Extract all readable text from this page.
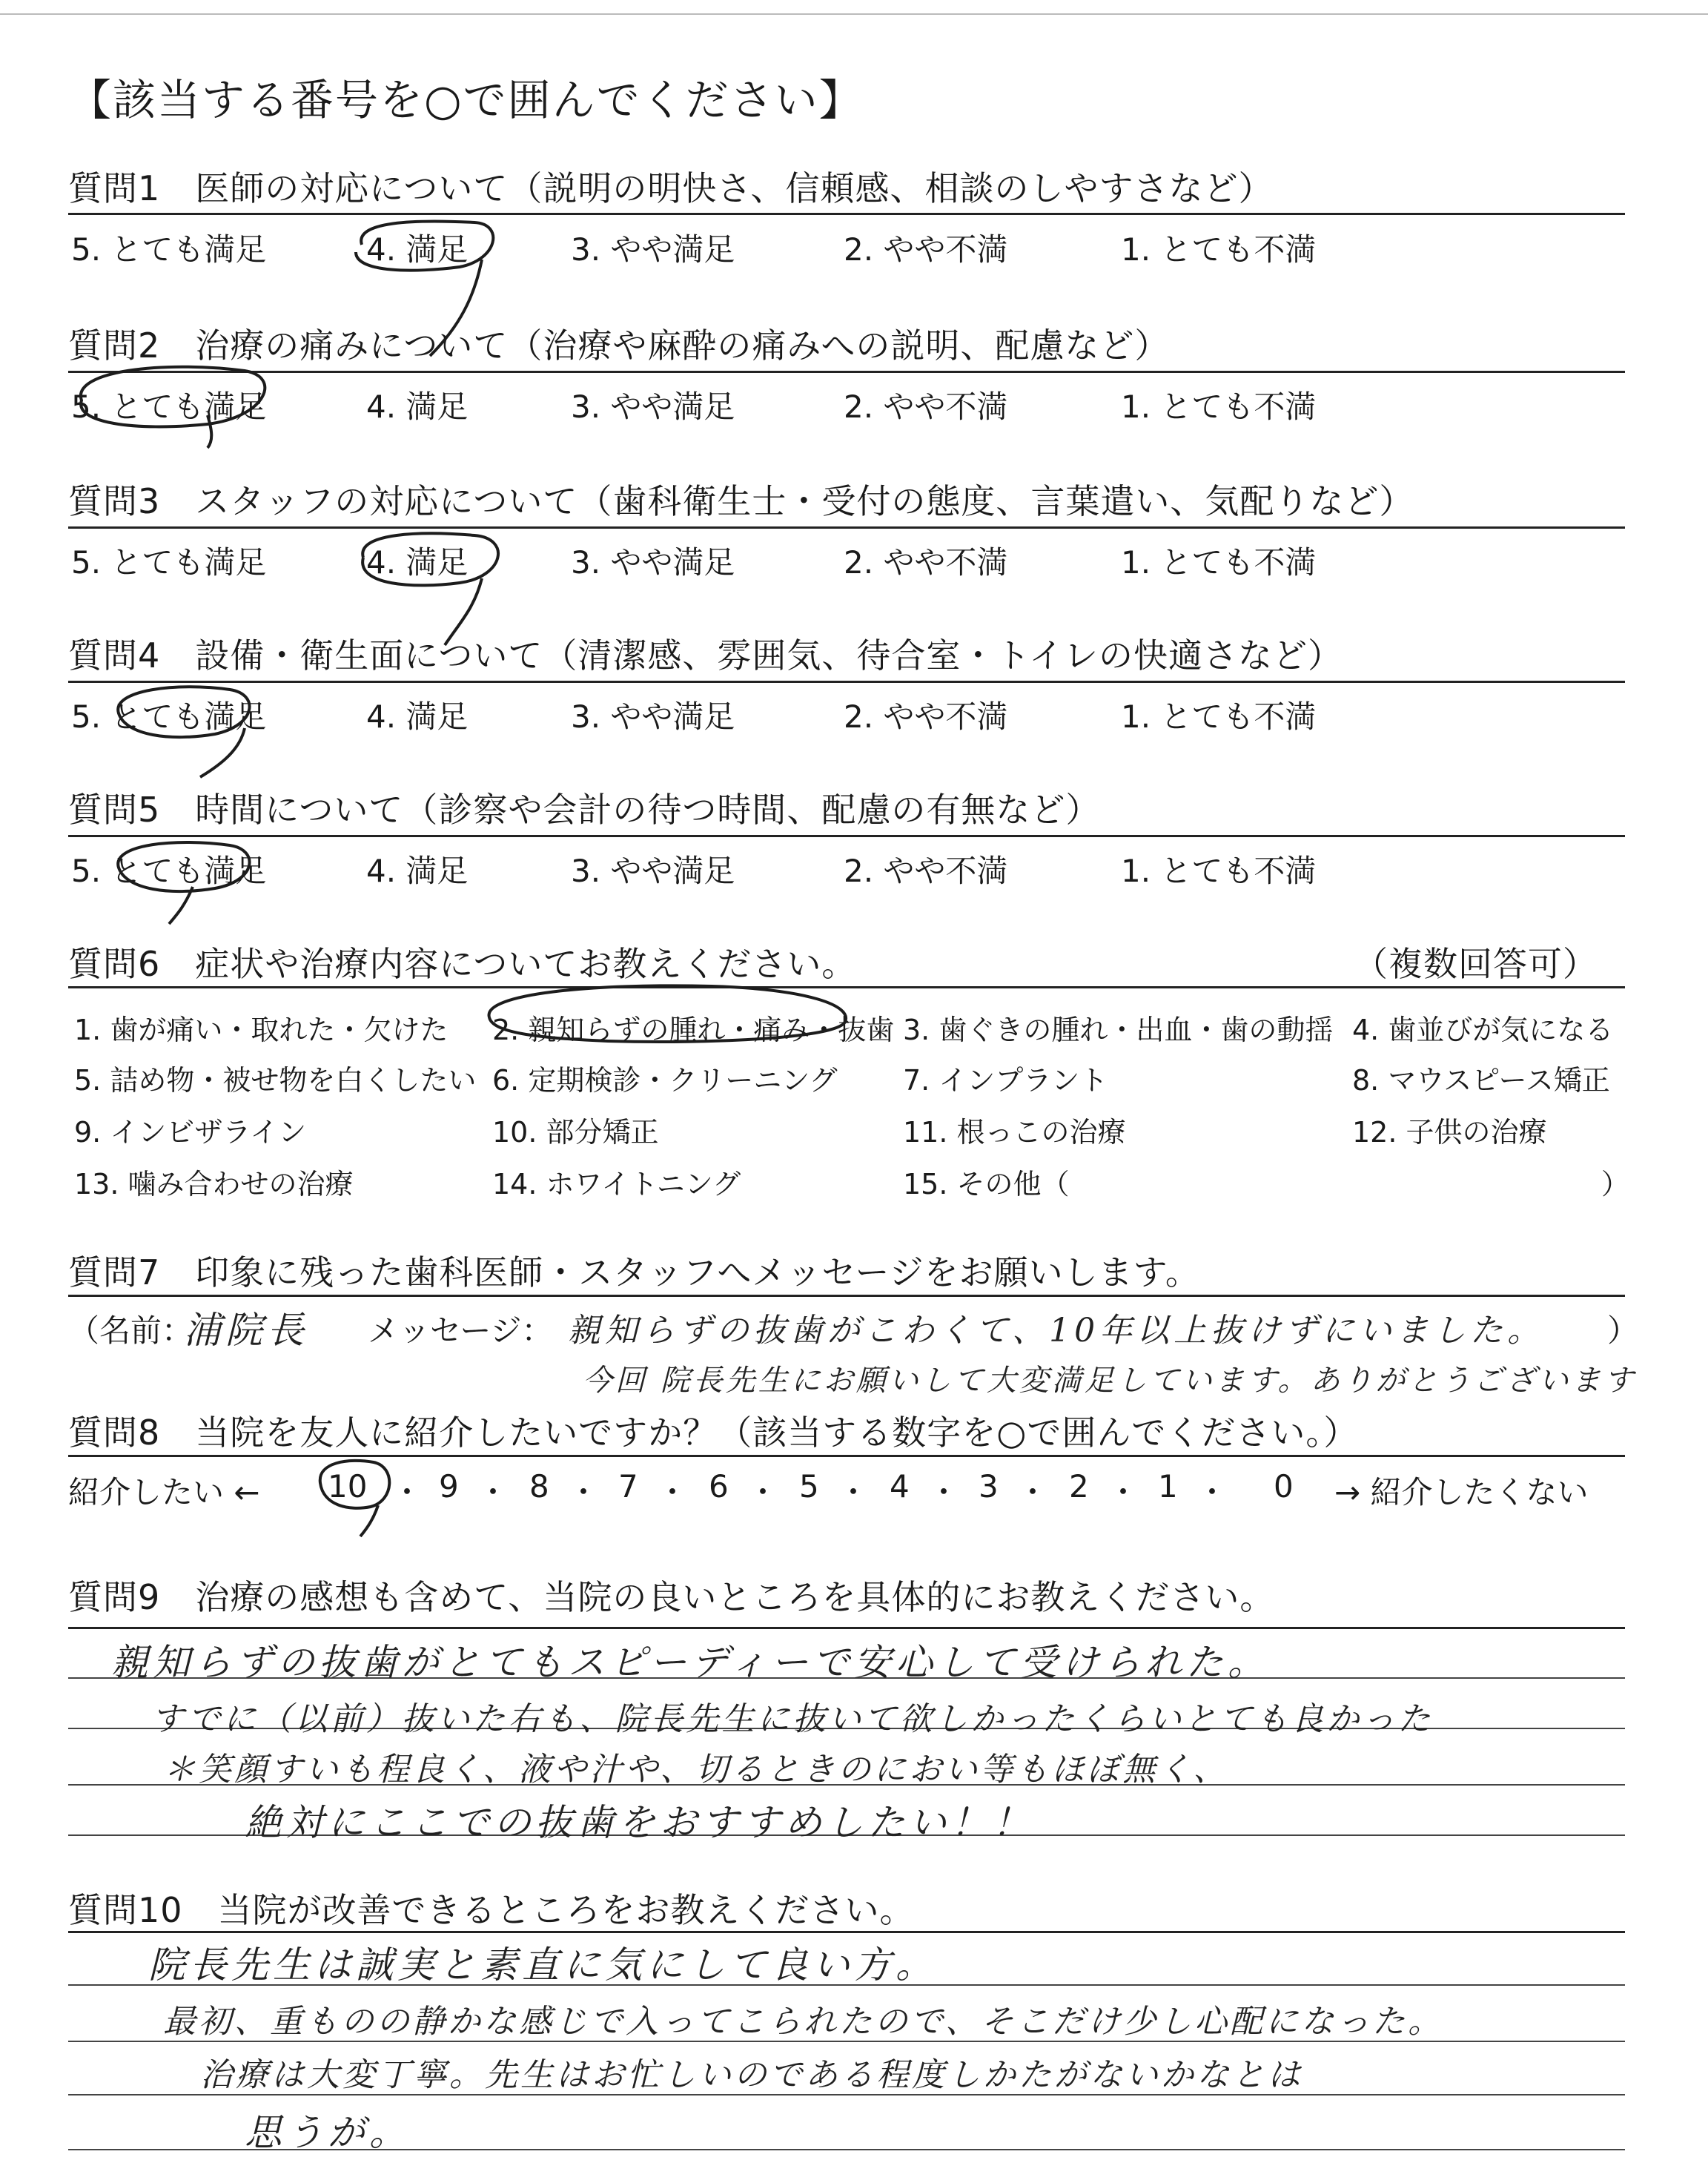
【該当する番号を○で囲んでください】
質問1　医師の対応について（説明の明快さ、信頼感、相談のしやすさなど）
5. とても満足	4. 満足	3. やや満足	2. やや不満	1. とても不満
質問2　治療の痛みについて（治療や麻酔の痛みへの説明、配慮など）
5. とても満足	4. 満足	3. やや満足	2. やや不満	1. とても不満
質問3　スタッフの対応について（歯科衛生士・受付の態度、言葉遣い、気配りなど）
5. とても満足	4. 満足	3. やや満足	2. やや不満	1. とても不満
質問4　設備・衛生面について（清潔感、雰囲気、待合室・トイレの快適さなど）
5. とても満足	4. 満足	3. やや満足	2. やや不満	1. とても不満
質問5　時間について（診察や会計の待つ時間、配慮の有無など）
5. とても満足	4. 満足	3. やや満足	2. やや不満	1. とても不満
質問6　症状や治療内容についてお教えください。	（複数回答可）
1. 歯が痛い・取れた・欠けた 2. 親知らずの腫れ・痛み・抜歯 3. 歯ぐきの腫れ・出血・歯の動揺 4. 歯並びが気になる
5. 詰め物・被せ物を白くしたい 6. 定期検診・クリーニング 7. インプラント	8. マウスピース矯正
9. インビザライン	10. 部分矯正	11. 根っこの治療	12. 子供の治療
13. 噛み合わせの治療	14. ホワイトニング	15. その他（	）
質問7　印象に残った歯科医師・スタッフへメッセージをお願いします。
（名前：
浦院長 メッセージ： 親知らずの抜歯がこわくて、10年以上抜けずにいました。 ）
今回 院長先生にお願いして大変満足しています。ありがとうございます
質問8　当院を友人に紹介したいですか？（該当する数字を○で囲んでください。）
紹介したい ←	→ 紹介したくない
10 ・ 9 ・ 8 ・ 7 ・ 6 ・ 5 ・ 4 ・ 3 ・ 2 ・ 1 ・ 0
質問9　治療の感想も含めて、当院の良いところを具体的にお教えください。
親知らずの抜歯がとてもスピーディーで安心して受けられた。
すでに（以前）抜いた右も、院長先生に抜いて欲しかったくらいとても良かった
＊笑顔すいも程良く、液や汁や、切るときのにおい等もほぼ無く、
絶対にここでの抜歯をおすすめしたい！！
質問10　当院が改善できるところをお教えください。
院長先生は誠実と素直に気にして良い方。
最初、重ものの静かな感じで入ってこられたので、そこだけ少し心配になった。
治療は大変丁寧。先生はお忙しいのである程度しかたがないかなとは
思うが。
